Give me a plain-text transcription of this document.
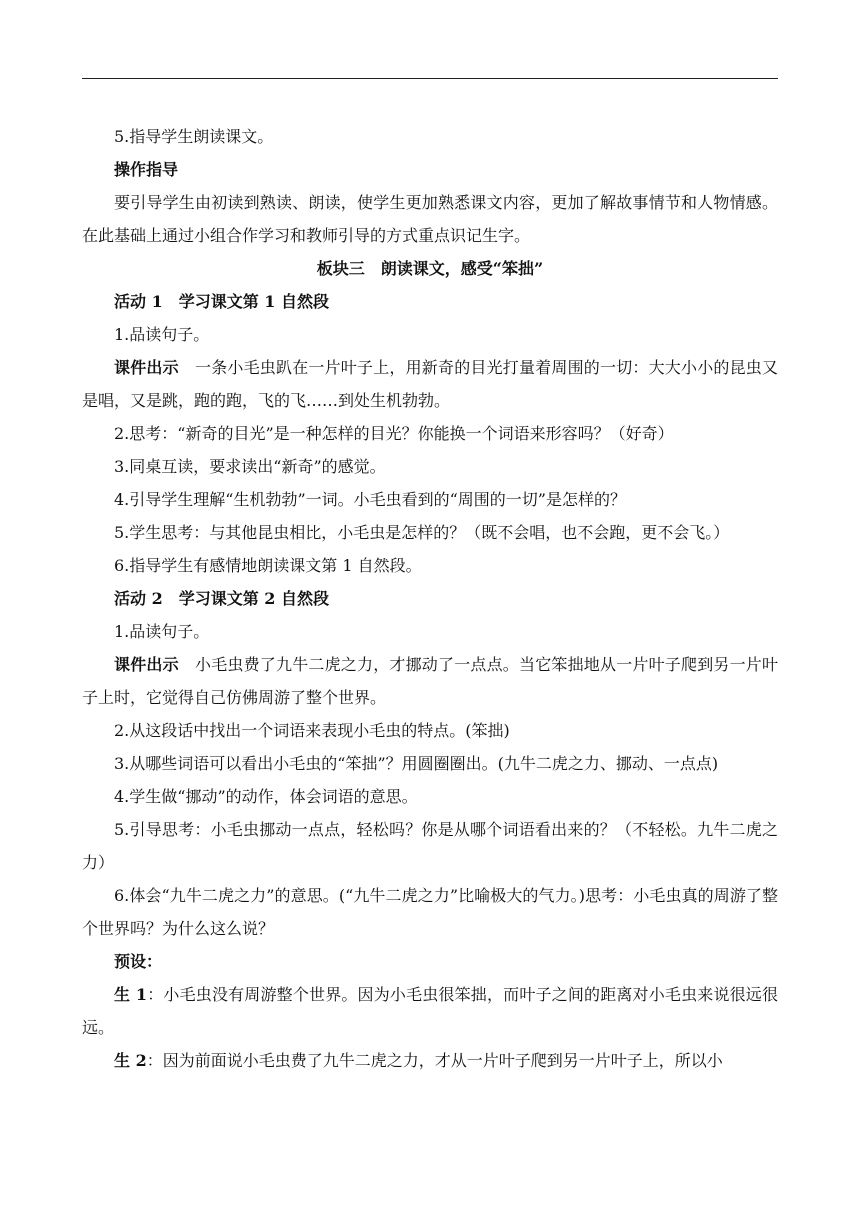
5.指导学生朗读课文。

操作指导

要引导学生由初读到熟读、朗读，使学生更加熟悉课文内容，更加了解故事情节和人物情感。在此基础上通过小组合作学习和教师引导的方式重点识记生字。

板块三　朗读课文，感受“笨拙”

活动 1　学习课文第 1 自然段

1.品读句子。

课件出示　一条小毛虫趴在一片叶子上，用新奇的目光打量着周围的一切：大大小小的昆虫又是唱，又是跳，跑的跑，飞的飞……到处生机勃勃。

2.思考：“新奇的目光”是一种怎样的目光？你能换一个词语来形容吗？（好奇）

3.同桌互读，要求读出“新奇”的感觉。

4.引导学生理解“生机勃勃”一词。小毛虫看到的“周围的一切”是怎样的？

5.学生思考：与其他昆虫相比，小毛虫是怎样的？（既不会唱，也不会跑，更不会飞。）

6.指导学生有感情地朗读课文第 1 自然段。

活动 2　学习课文第 2 自然段

1.品读句子。

课件出示　小毛虫费了九牛二虎之力，才挪动了一点点。当它笨拙地从一片叶子爬到另一片叶子上时，它觉得自己仿佛周游了整个世界。

2.从这段话中找出一个词语来表现小毛虫的特点。(笨拙)

3.从哪些词语可以看出小毛虫的“笨拙”？用圆圈圈出。(九牛二虎之力、挪动、一点点)

4.学生做“挪动”的动作，体会词语的意思。

5.引导思考：小毛虫挪动一点点，轻松吗？你是从哪个词语看出来的？（不轻松。九牛二虎之力）

6.体会“九牛二虎之力”的意思。(“九牛二虎之力”比喻极大的气力。)思考：小毛虫真的周游了整个世界吗？为什么这么说？

预设：

生 1：小毛虫没有周游整个世界。因为小毛虫很笨拙，而叶子之间的距离对小毛虫来说很远很远。

生 2：因为前面说小毛虫费了九牛二虎之力，才从一片叶子爬到另一片叶子上，所以小
